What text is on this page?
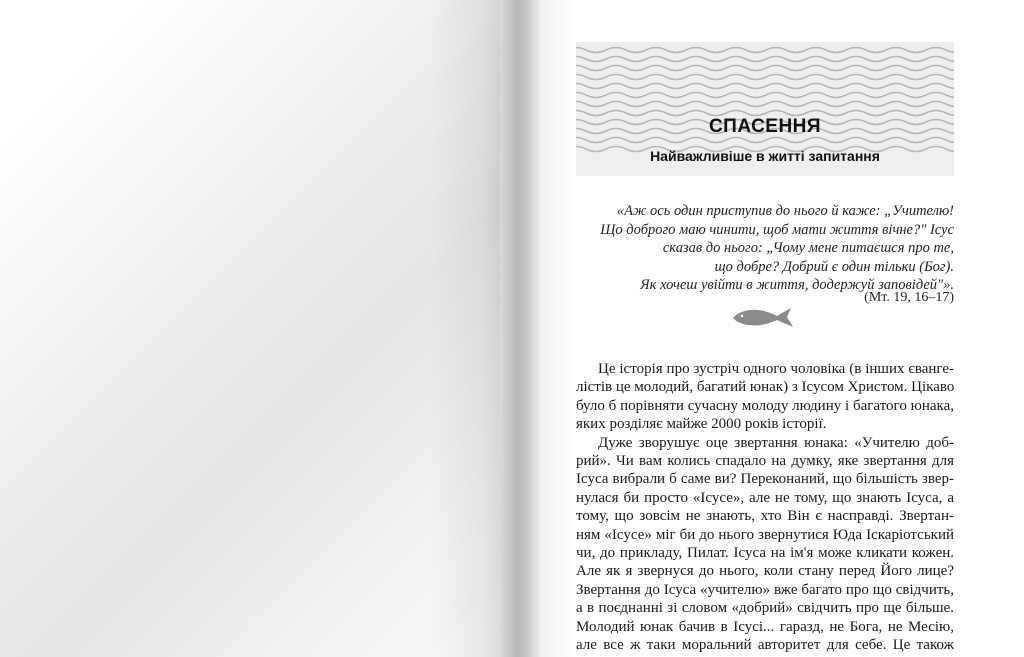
СПАСЕННЯ
Найважливіше в житті запитання
«Аж ось один приступив до нього й каже: „Учителю!
Що доброго маю чинити, щоб мати життя вічне?" Ісус
сказав до нього: „Чому мене питаєшся про те,
що добре? Добрий є один тільки (Бог).
Як хочеш увійти в життя, додержуй заповідей"».
(Мт. 19, 16–17)
Це історія про зустріч одного чоловіка (в інших єванге-
лістів це молодий, багатий юнак) з Ісусом Христом. Цікаво
було б порівняти сучасну молоду людину і багатого юнака,
яких розділяє майже 2000 років історії.
Дуже зворушує оце звертання юнака: «Учителю доб-
рий». Чи вам колись спадало на думку, яке звертання для
Ісуса вибрали б саме ви? Переконаний, що більшість звер-
нулася би просто «Ісусе», але не тому, що знають Ісуса, а
тому, що зовсім не знають, хто Він є насправді. Звертан-
ням «Ісусе» міг би до нього звернутися Юда Іскаріотський
чи, до прикладу, Пилат. Ісуса на ім'я може кликати кожен.
Але як я звернуся до нього, коли стану перед Його лице?
Звертання до Ісуса «учителю» вже багато про що свідчить,
а в поєднанні зі словом «добрий» свідчить про ще більше.
Молодий юнак бачив в Ісусі... гаразд, не Бога, не Месію,
але все ж таки моральний авторитет для себе. Це також
